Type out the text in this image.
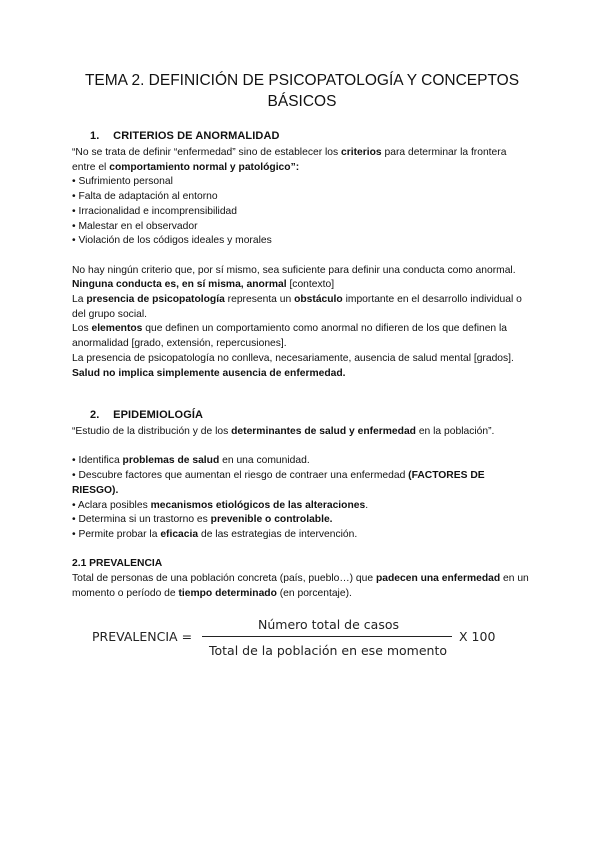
TEMA 2. DEFINICIÓN DE PSICOPATOLOGÍA Y CONCEPTOS BÁSICOS
1. CRITERIOS DE ANORMALIDAD

“No se trata de definir “enfermedad” sino de establecer los criterios para determinar la frontera entre el comportamiento normal y patológico”:

• Sufrimiento personal

• Falta de adaptación al entorno

• Irracionalidad e incomprensibilidad

• Malestar en el observador

• Violación de los códigos ideales y morales

No hay ningún criterio que, por sí mismo, sea suficiente para definir una conducta como anormal. Ninguna conducta es, en sí misma, anormal [contexto]

La presencia de psicopatología representa un obstáculo importante en el desarrollo individual o del grupo social.

Los elementos que definen un comportamiento como anormal no difieren de los que definen la anormalidad [grado, extensión, repercusiones].

La presencia de psicopatología no conlleva, necesariamente, ausencia de salud mental [grados]. Salud no implica simplemente ausencia de enfermedad.

2. EPIDEMIOLOGÍA

“Estudio de la distribución y de los determinantes de salud y enfermedad en la población”.

• Identifica problemas de salud en una comunidad.

• Descubre factores que aumentan el riesgo de contraer una enfermedad (FACTORES DE RIESGO).

• Aclara posibles mecanismos etiológicos de las alteraciones.

• Determina si un trastorno es prevenible o controlable.

• Permite probar la eficacia de las estrategias de intervención.

2.1 PREVALENCIA

Total de personas de una población concreta (país, pueblo…) que padecen una enfermedad en un momento o período de tiempo determinado (en porcentaje).

PREVALENCIA =
Número total de casos
Total de la población en ese momento
X 100
